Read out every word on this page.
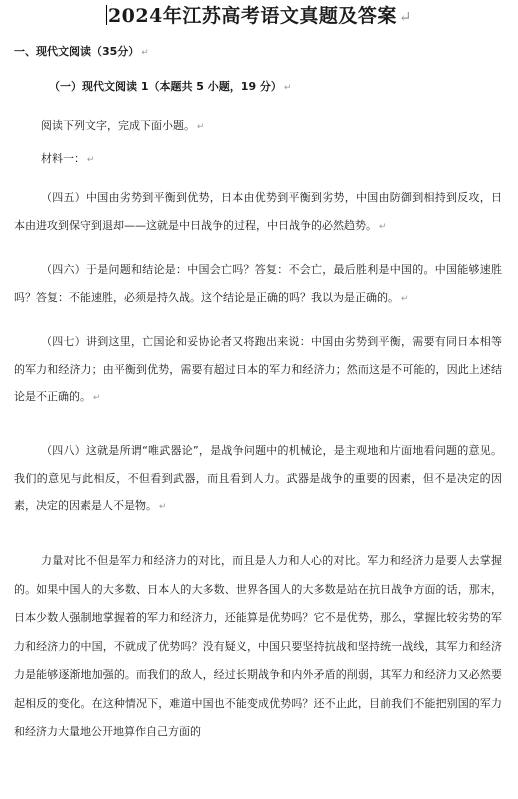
2024年江苏高考语文真题及答案 ↵
一、现代文阅读（35分） ↵
（一）现代文阅读 1（本题共 5 小题，19 分） ↵

阅读下列文字，完成下面小题。 ↵

材料一： ↵

（四五）中国由劣势到平衡到优势，日本由优势到平衡到劣势，中国由防御到相持到反攻，日本由进攻到保守到退却——这就是中日战争的过程，中日战争的必然趋势。 ↵

（四六）于是问题和结论是：中国会亡吗？答复：不会亡，最后胜利是中国的。中国能够速胜吗？答复：不能速胜，必须是持久战。这个结论是正确的吗？我以为是正确的。 ↵

（四七）讲到这里，亡国论和妥协论者又将跑出来说：中国由劣势到平衡，需要有同日本相等的军力和经济力；由平衡到优势，需要有超过日本的军力和经济力；然而这是不可能的，因此上述结论是不正确的。 ↵

（四八）这就是所谓“唯武器论”，是战争问题中的机械论，是主观地和片面地看问题的意见。我们的意见与此相反，不但看到武器，而且看到人力。武器是战争的重要的因素，但不是决定的因素，决定的因素是人不是物。 ↵

力量对比不但是军力和经济力的对比，而且是人力和人心的对比。军力和经济力是要人去掌握的。如果中国人的大多数、日本人的大多数、世界各国人的大多数是站在抗日战争方面的话，那末，日本少数人强制地掌握着的军力和经济力，还能算是优势吗？它不是优势，那么，掌握比较劣势的军力和经济力的中国，不就成了优势吗？没有疑义，中国只要坚持抗战和坚持统一战线，其军力和经济力是能够逐渐地加强的。而我们的敌人，经过长期战争和内外矛盾的削弱，其军力和经济力又必然要起相反的变化。在这种情况下，难道中国也不能变成优势吗？还不止此，目前我们不能把别国的军力和经济力大量地公开地算作自己方面的
